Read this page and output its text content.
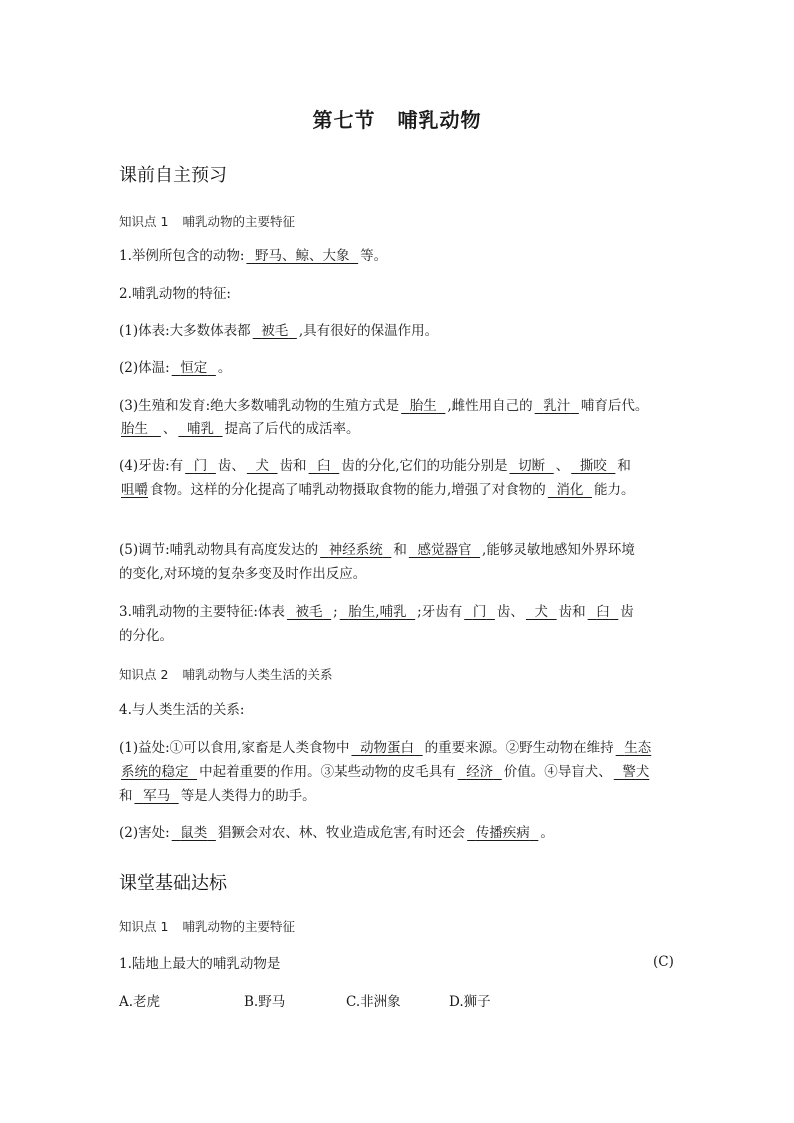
第七节 哺乳动物
课前自主预习
知识点 1 哺乳动物的主要特征
1.举例所包含的动物: 野马、鲸、大象 等。
2.哺乳动物的特征:
(1)体表:大多数体表都 被毛 ,具有很好的保温作用。
(2)体温: 恒定 。
(3)生殖和发育:绝大多数哺乳动物的生殖方式是 胎生 ,雌性用自己的 乳汁 哺育后代。
胎生 、 哺乳 提高了后代的成活率。
(4)牙齿:有 门 齿、 犬 齿和 臼 齿的分化,它们的功能分别是 切断 、 撕咬 和
咀嚼 食物。这样的分化提高了哺乳动物摄取食物的能力,增强了对食物的 消化 能力。
(5)调节:哺乳动物具有高度发达的 神经系统 和 感觉器官 ,能够灵敏地感知外界环境
的变化,对环境的复杂多变及时作出反应。
3.哺乳动物的主要特征:体表 被毛 ; 胎生,哺乳 ;牙齿有 门 齿、 犬 齿和 臼 齿
的分化。
知识点 2 哺乳动物与人类生活的关系
4.与人类生活的关系:
(1)益处:①可以食用,家畜是人类食物中 动物蛋白 的重要来源。②野生动物在维持 生态
系统的稳定 中起着重要的作用。③某些动物的皮毛具有 经济 价值。④导盲犬、 警犬
和 军马 等是人类得力的助手。
(2)害处: 鼠类 猖獗会对农、林、牧业造成危害,有时还会 传播疾病 。
课堂基础达标
知识点 1 哺乳动物的主要特征
1.陆地上最大的哺乳动物是	(C)
A.老虎	B.野马	C.非洲象	D.狮子
